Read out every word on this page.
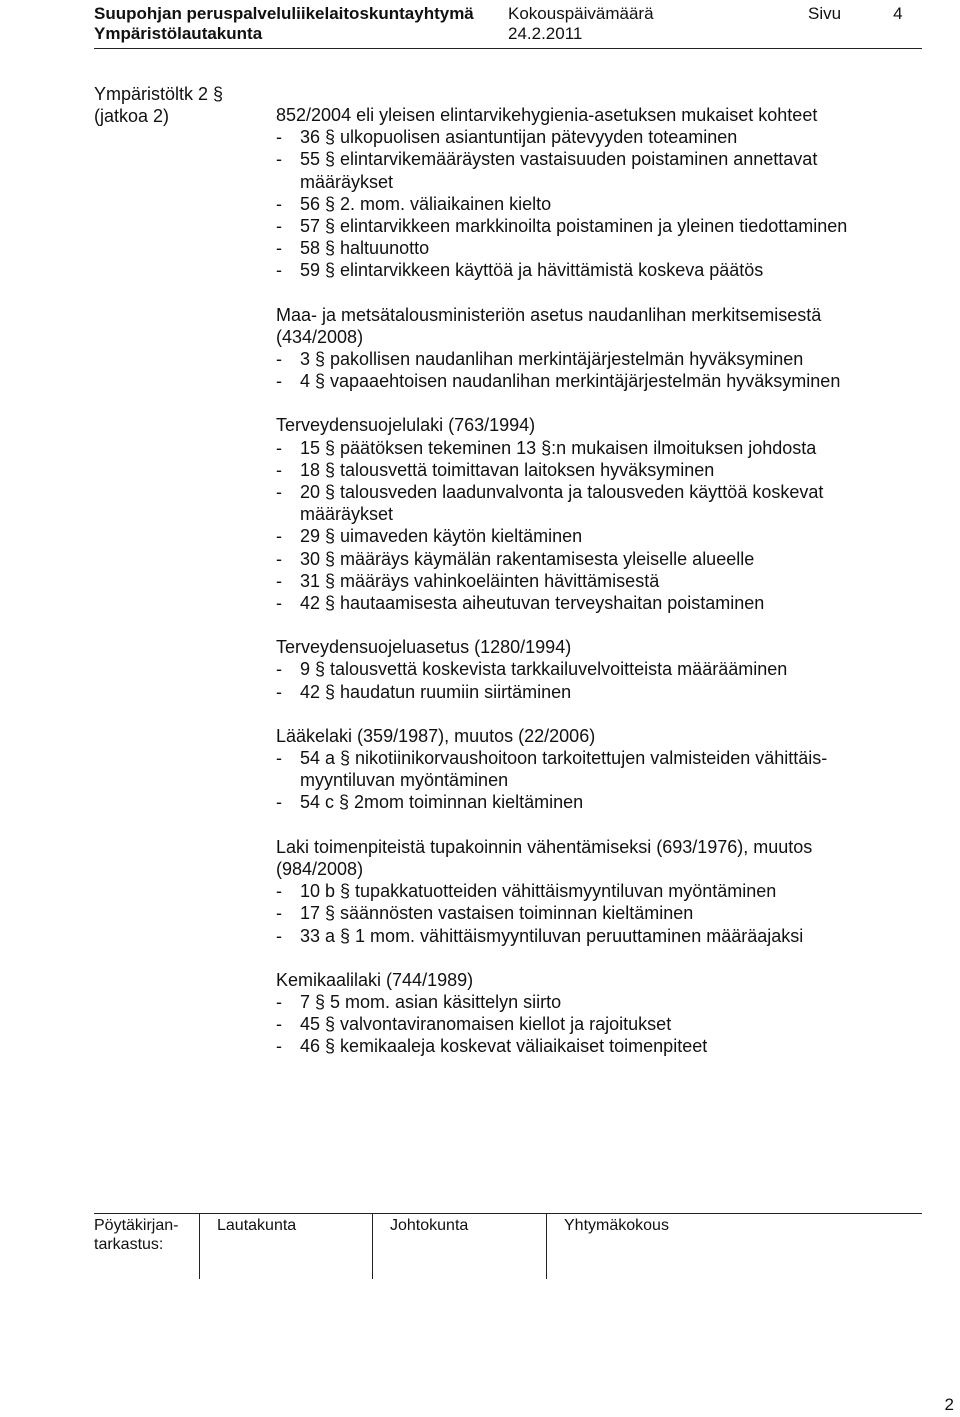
Suupohjan peruspalveluliikelaitoskuntayhtymä
Ympäristölautakunta
Kokouspäivämäärä
24.2.2011
Sivu	4
Ympäristöltk 2 §
(jatkoa 2)	852/2004 eli yleisen elintarvikehygienia-asetuksen mukaiset kohteet
- 36 § ulkopuolisen asiantuntijan pätevyyden toteaminen
- 55 § elintarvikemääräysten vastaisuuden poistaminen annettavat
määräykset
- 56 § 2. mom. väliaikainen kielto
- 57 § elintarvikkeen markkinoilta poistaminen ja yleinen tiedottaminen
- 58 § haltuunotto
- 59 § elintarvikkeen käyttöä ja hävittämistä koskeva päätös
Maa- ja metsätalousministeriön asetus naudanlihan merkitsemisestä
(434/2008)
- 3 § pakollisen naudanlihan merkintäjärjestelmän hyväksyminen
- 4 § vapaaehtoisen naudanlihan merkintäjärjestelmän hyväksyminen
Terveydensuojelulaki (763/1994)
- 15 § päätöksen tekeminen 13 §:n mukaisen ilmoituksen johdosta
- 18 § talousvettä toimittavan laitoksen hyväksyminen
- 20 § talousveden laadunvalvonta ja talousveden käyttöä koskevat
määräykset
- 29 § uimaveden käytön kieltäminen
- 30 § määräys käymälän rakentamisesta yleiselle alueelle
- 31 § määräys vahinkoeläinten hävittämisestä
- 42 § hautaamisesta aiheutuvan terveyshaitan poistaminen
Terveydensuojeluasetus (1280/1994)
- 9 § talousvettä koskevista tarkkailuvelvoitteista määrääminen
- 42 § haudatun ruumiin siirtäminen
Lääkelaki (359/1987), muutos (22/2006)
- 54 a § nikotiinikorvaushoitoon tarkoitettujen valmisteiden vähittäis-
myyntiluvan myöntäminen
- 54 c § 2mom toiminnan kieltäminen
Laki toimenpiteistä tupakoinnin vähentämiseksi (693/1976), muutos
(984/2008)
- 10 b § tupakkatuotteiden vähittäismyyntiluvan myöntäminen
- 17 § säännösten vastaisen toiminnan kieltäminen
- 33 a § 1 mom. vähittäismyyntiluvan peruuttaminen määräajaksi
Kemikaalilaki (744/1989)
- 7 § 5 mom. asian käsittelyn siirto
- 45 § valvontaviranomaisen kiellot ja rajoitukset
- 46 § kemikaaleja koskevat väliaikaiset toimenpiteet
Pöytäkirjan-
tarkastus:
Lautakunta	Johtokunta	Yhtymäkokous
2
